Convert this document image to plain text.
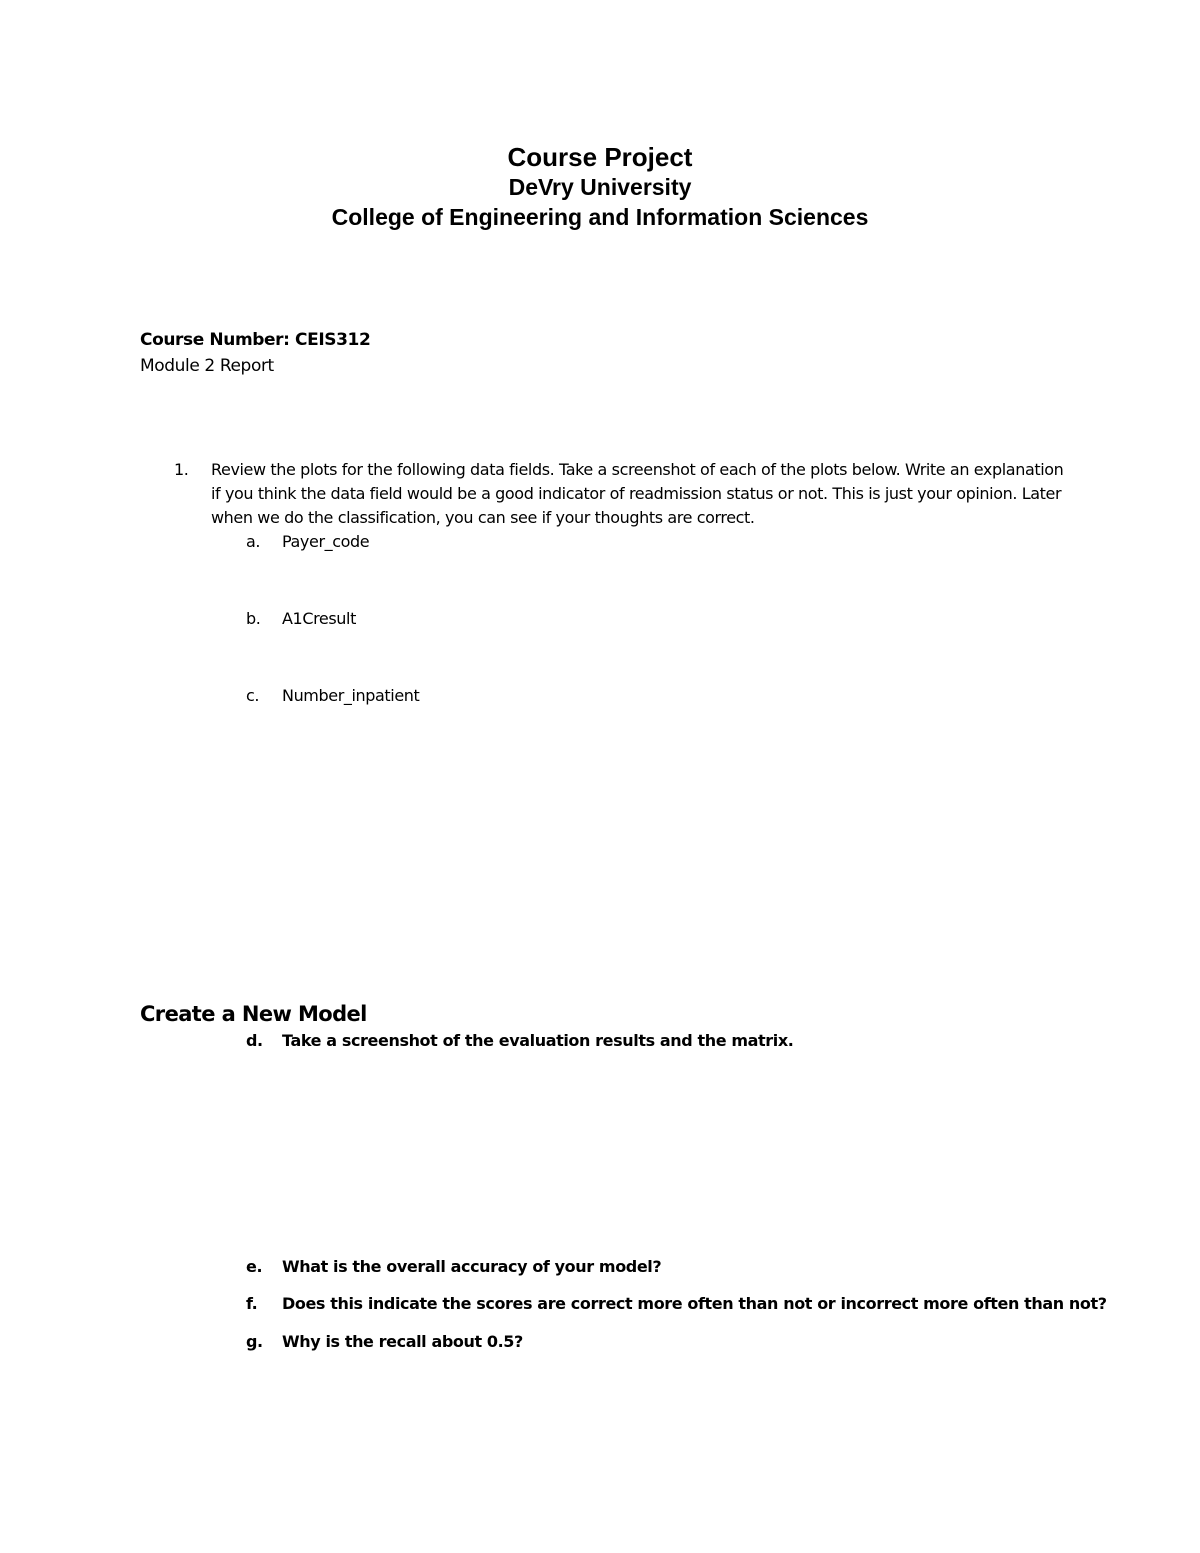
Course Project
DeVry University
College of Engineering and Information Sciences
Course Number: CEIS312
Module 2 Report
1. Review the plots for the following data fields. Take a screenshot of each of the plots below. Write an explanation if you think the data field would be a good indicator of readmission status or not. This is just your opinion. Later when we do the classification, you can see if your thoughts are correct.
a. Payer_code
b. A1Cresult
c. Number_inpatient
Create a New Model
d. Take a screenshot of the evaluation results and the matrix.
e. What is the overall accuracy of your model?
f. Does this indicate the scores are correct more often than not or incorrect more often than not?
g. Why is the recall about 0.5?
